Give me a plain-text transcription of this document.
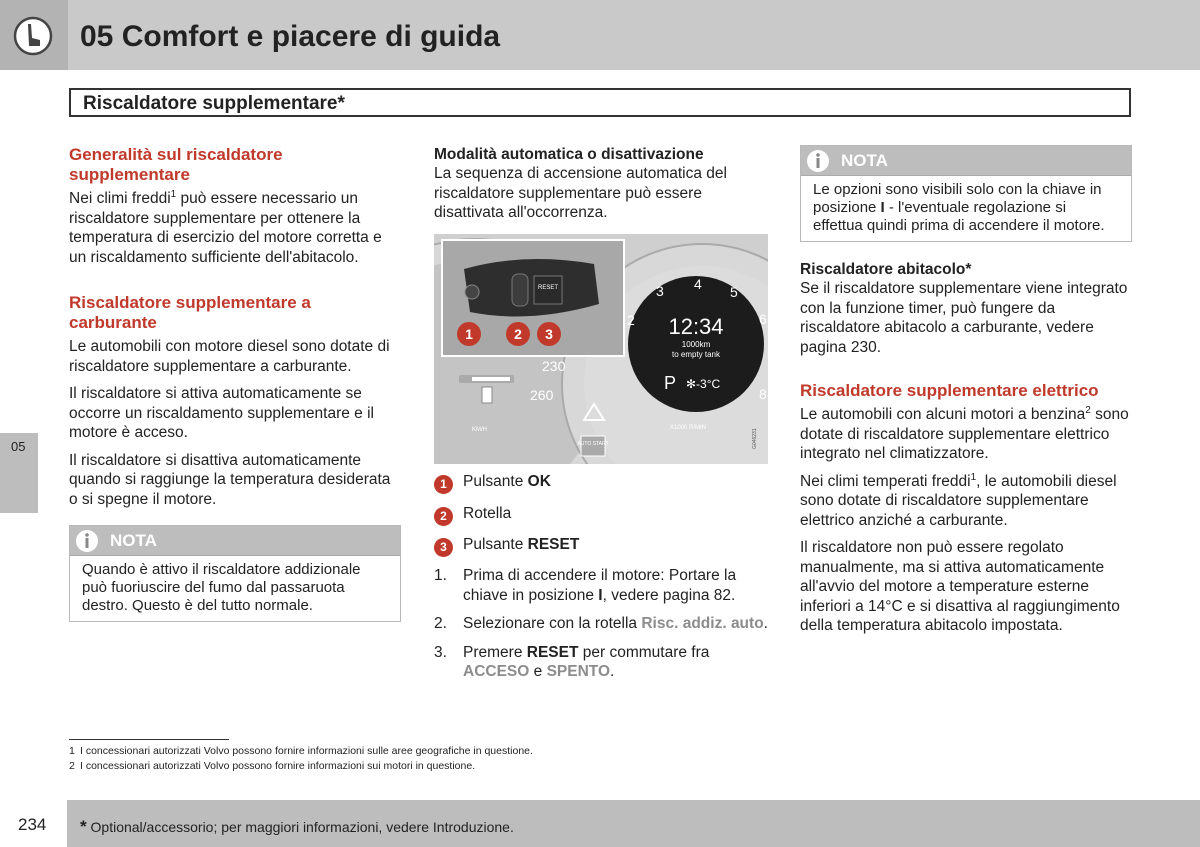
05 Comfort e piacere di guida
Riscaldatore supplementare*
05
Generalità sul riscaldatore supplementare

Nei climi freddi$^1$ può essere necessario un riscaldatore supplementare per ottenere la temperatura di esercizio del motore corretta e un riscaldamento sufficiente dell'abitacolo.

Riscaldatore supplementare a carburante

Le automobili con motore diesel sono dotate di riscaldatore supplementare a carburante.

Il riscaldatore si attiva automaticamente se occorre un riscaldamento supplementare e il motore è acceso.

Il riscaldatore si disattiva automaticamente quando si raggiunge la temperatura desiderata o si spegne il motore.

NOTA
Quando è attivo il riscaldatore addizionale può fuoriuscire del fumo dal passaruota destro. Questo è del tutto normale.
Modalità automatica o disattivazione

La sequenza di accensione automatica del riscaldatore supplementare può essere disattivata all'occorrenza.

12:34
1000km
to empty tank
P ✻-3°C
2
3 4 5
6
8
X1000 R/MIN
230
260
KM/H
AUTO START	G046231
RESET
1	2 3
1	Pulsante OK
2	Rotella
3	Pulsante RESET
1. Prima di accendere il motore: Portare la chiave in posizione I, vedere pagina 82.
2. Selezionare con la rotella Risc. addiz. auto.
3. Premere RESET per commutare fra ACCESO e SPENTO.
NOTA
Le opzioni sono visibili solo con la chiave in posizione I - l'eventuale regolazione si effettua quindi prima di accendere il motore.
Riscaldatore abitacolo*

Se il riscaldatore supplementare viene integrato con la funzione timer, può fungere da riscaldatore abitacolo a carburante, vedere pagina 230.

Riscaldatore supplementare elettrico

Le automobili con alcuni motori a benzina$^2$ sono dotate di riscaldatore supplementare elettrico integrato nel climatizzatore.

Nei climi temperati freddi$^1$, le automobili diesel sono dotate di riscaldatore supplementare elettrico anziché a carburante.

Il riscaldatore non può essere regolato manualmente, ma si attiva automaticamente all'avvio del motore a temperature esterne inferiori a 14°C e si disattiva al raggiungimento della temperatura abitacolo impostata.

1 I concessionari autorizzati Volvo possono fornire informazioni sulle aree geografiche in questione.
2 I concessionari autorizzati Volvo possono fornire informazioni sui motori in questione.
234 * Optional/accessorio; per maggiori informazioni, vedere Introduzione.
